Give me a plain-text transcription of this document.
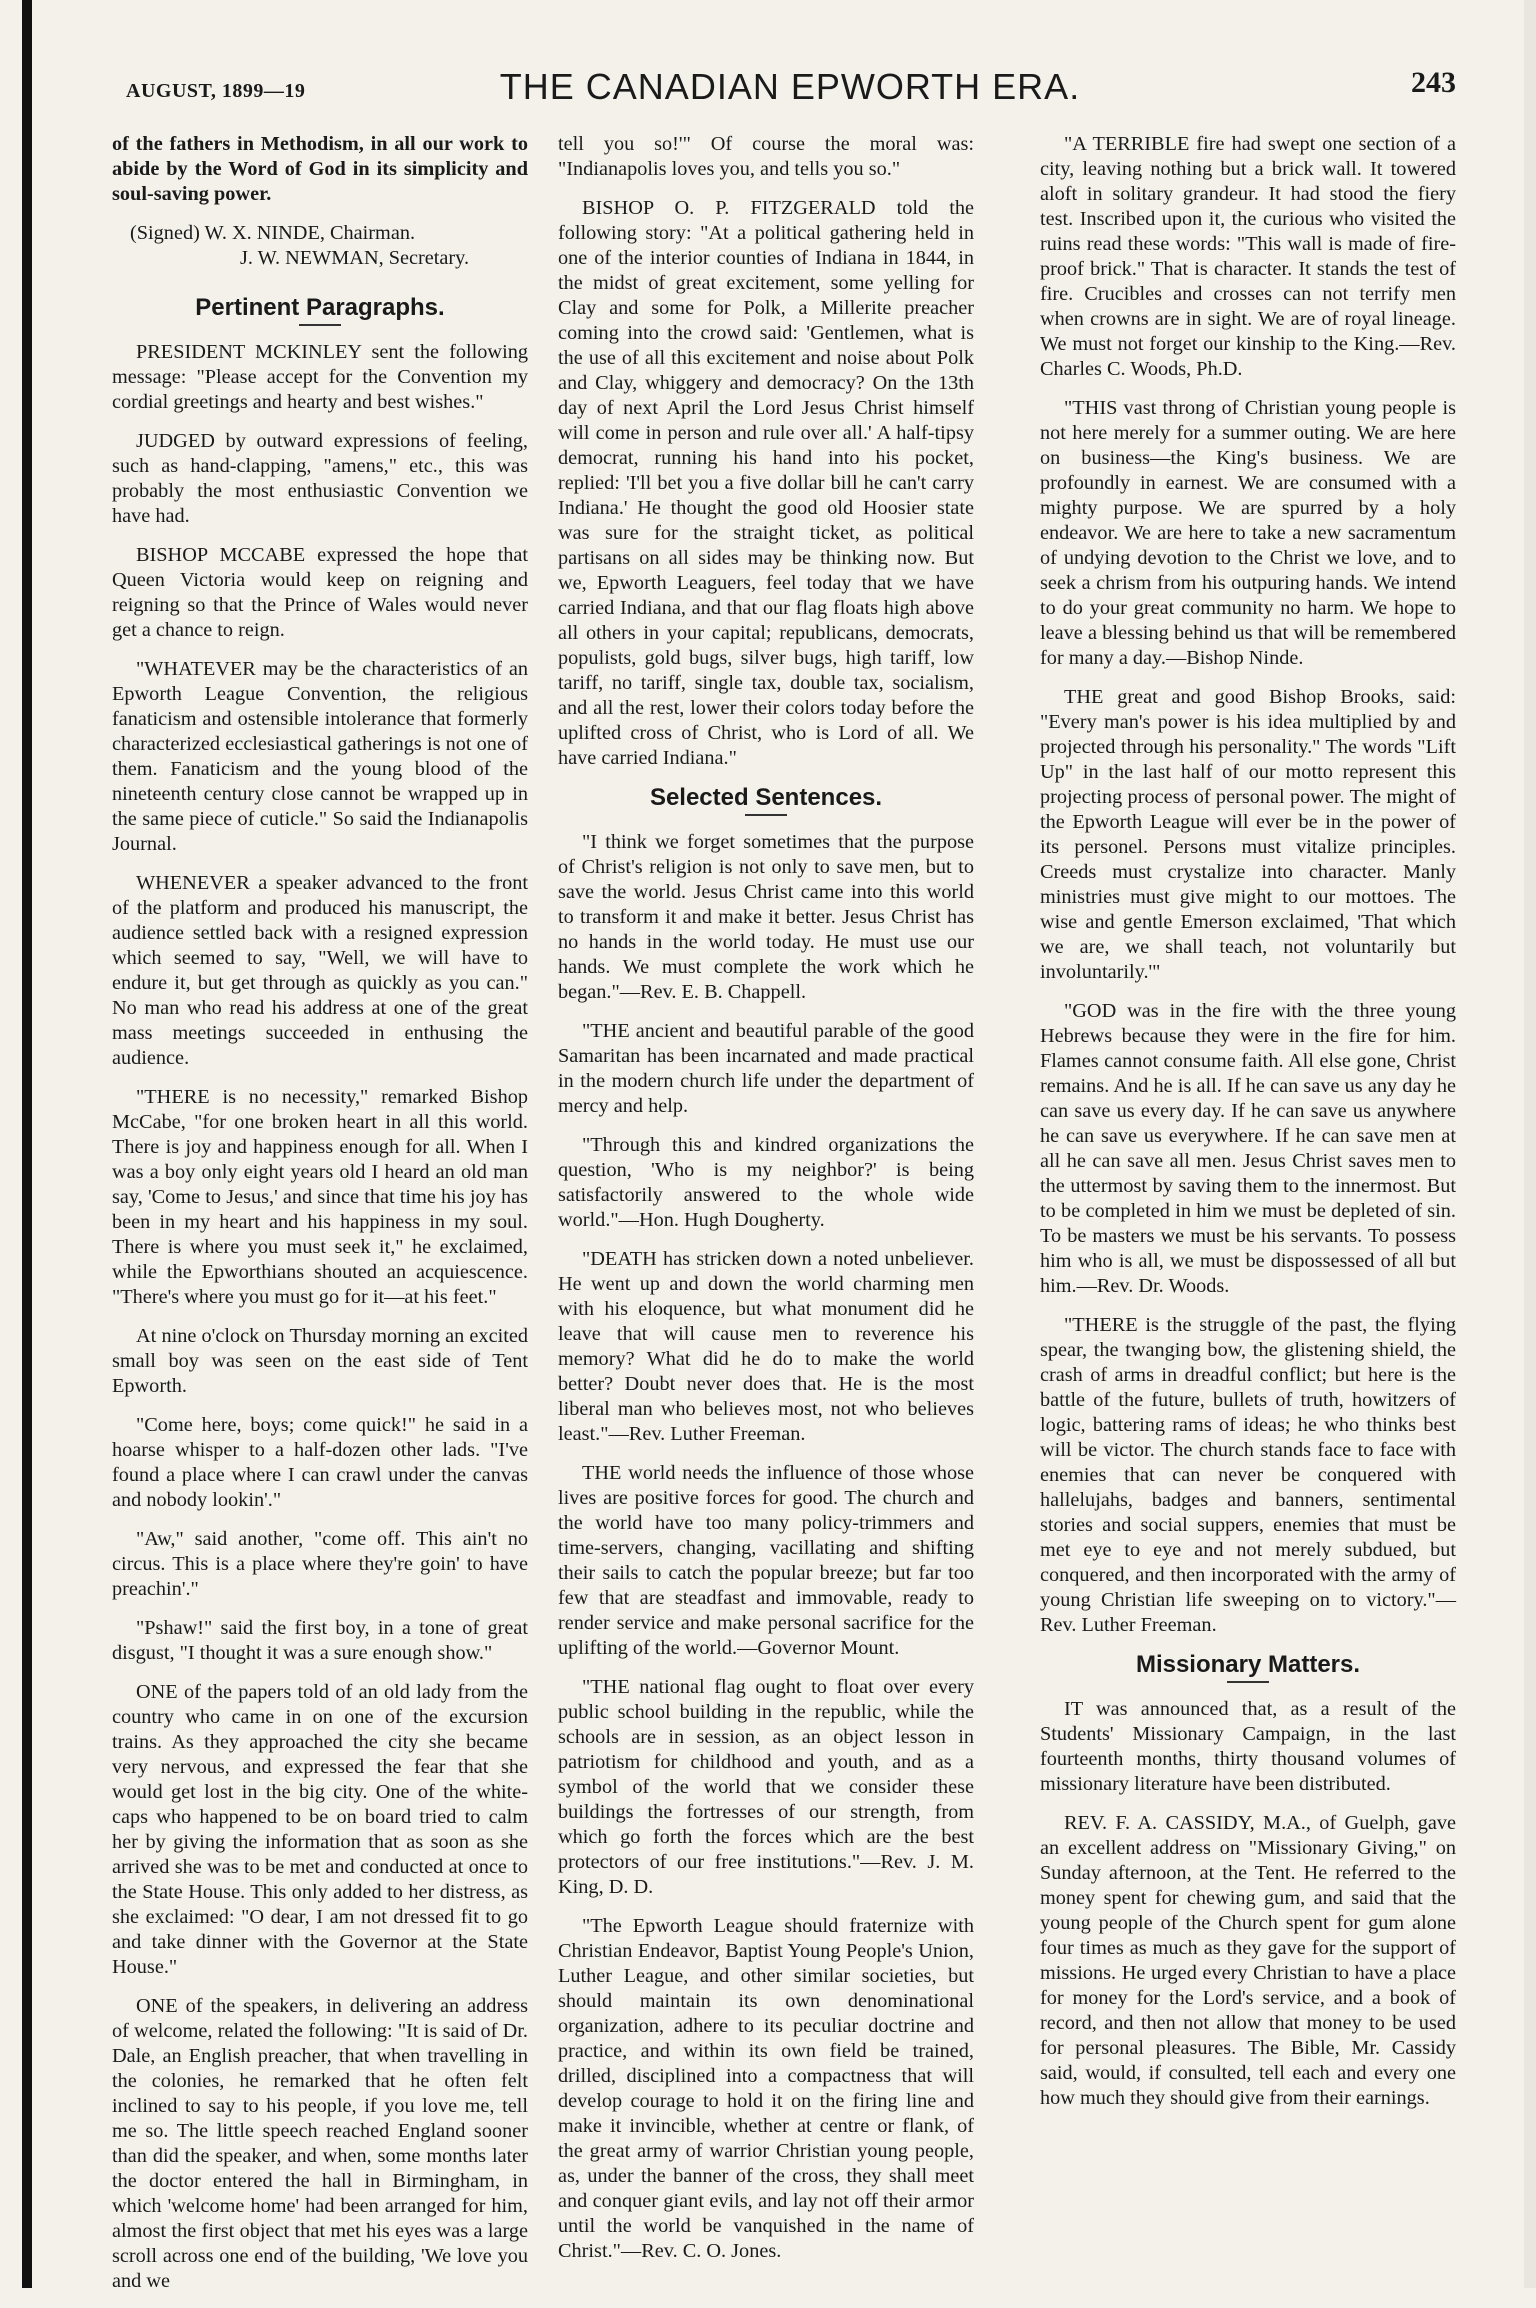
AUGUST, 1899—19	THE CANADIAN EPWORTH ERA.	243

of the fathers in Methodism, in all our work to abide by the Word of God in its simplicity and soul-saving power.

(Signed) W. X. NINDE, Chairman.

J. W. NEWMAN, Secretary.

Pertinent Paragraphs.

PRESIDENT MCKINLEY sent the following message: "Please accept for the Convention my cordial greetings and hearty and best wishes."

JUDGED by outward expressions of feeling, such as hand-clapping, "amens," etc., this was probably the most enthusiastic Convention we have had.

BISHOP MCCABE expressed the hope that Queen Victoria would keep on reigning and reigning so that the Prince of Wales would never get a chance to reign.

"WHATEVER may be the characteristics of an Epworth League Convention, the religious fanaticism and ostensible intolerance that formerly characterized ecclesiastical gatherings is not one of them. Fanaticism and the young blood of the nineteenth century close cannot be wrapped up in the same piece of cuticle." So said the Indianapolis Journal.

WHENEVER a speaker advanced to the front of the platform and produced his manuscript, the audience settled back with a resigned expression which seemed to say, "Well, we will have to endure it, but get through as quickly as you can." No man who read his address at one of the great mass meetings succeeded in enthusing the audience.

"THERE is no necessity," remarked Bishop McCabe, "for one broken heart in all this world. There is joy and happiness enough for all. When I was a boy only eight years old I heard an old man say, 'Come to Jesus,' and since that time his joy has been in my heart and his happiness in my soul. There is where you must seek it," he exclaimed, while the Epworthians shouted an acquiescence. "There's where you must go for it—at his feet."

At nine o'clock on Thursday morning an excited small boy was seen on the east side of Tent Epworth.

"Come here, boys; come quick!" he said in a hoarse whisper to a half-dozen other lads. "I've found a place where I can crawl under the canvas and nobody lookin'."

"Aw," said another, "come off. This ain't no circus. This is a place where they're goin' to have preachin'."

"Pshaw!" said the first boy, in a tone of great disgust, "I thought it was a sure enough show."

ONE of the papers told of an old lady from the country who came in on one of the excursion trains. As they approached the city she became very nervous, and expressed the fear that she would get lost in the big city. One of the white-caps who happened to be on board tried to calm her by giving the information that as soon as she arrived she was to be met and conducted at once to the State House. This only added to her distress, as she exclaimed: "O dear, I am not dressed fit to go and take dinner with the Governor at the State House."

ONE of the speakers, in delivering an address of welcome, related the following: "It is said of Dr. Dale, an English preacher, that when travelling in the colonies, he remarked that he often felt inclined to say to his people, if you love me, tell me so. The little speech reached England sooner than did the speaker, and when, some months later the doctor entered the hall in Birmingham, in which 'welcome home' had been arranged for him, almost the first object that met his eyes was a large scroll across one end of the building, 'We love you and we

tell you so!'" Of course the moral was: "Indianapolis loves you, and tells you so."

BISHOP O. P. FITZGERALD told the following story: "At a political gathering held in one of the interior counties of Indiana in 1844, in the midst of great excitement, some yelling for Clay and some for Polk, a Millerite preacher coming into the crowd said: 'Gentlemen, what is the use of all this excitement and noise about Polk and Clay, whiggery and democracy? On the 13th day of next April the Lord Jesus Christ himself will come in person and rule over all.' A half-tipsy democrat, running his hand into his pocket, replied: 'I'll bet you a five dollar bill he can't carry Indiana.' He thought the good old Hoosier state was sure for the straight ticket, as political partisans on all sides may be thinking now. But we, Epworth Leaguers, feel today that we have carried Indiana, and that our flag floats high above all others in your capital; republicans, democrats, populists, gold bugs, silver bugs, high tariff, low tariff, no tariff, single tax, double tax, socialism, and all the rest, lower their colors today before the uplifted cross of Christ, who is Lord of all. We have carried Indiana."

Selected Sentences.

"I think we forget sometimes that the purpose of Christ's religion is not only to save men, but to save the world. Jesus Christ came into this world to transform it and make it better. Jesus Christ has no hands in the world today. He must use our hands. We must complete the work which he began."—Rev. E. B. Chappell.

"THE ancient and beautiful parable of the good Samaritan has been incarnated and made practical in the modern church life under the department of mercy and help.

"Through this and kindred organizations the question, 'Who is my neighbor?' is being satisfactorily answered to the whole wide world."—Hon. Hugh Dougherty.

"DEATH has stricken down a noted unbeliever. He went up and down the world charming men with his eloquence, but what monument did he leave that will cause men to reverence his memory? What did he do to make the world better? Doubt never does that. He is the most liberal man who believes most, not who believes least."—Rev. Luther Freeman.

THE world needs the influence of those whose lives are positive forces for good. The church and the world have too many policy-trimmers and time-servers, changing, vacillating and shifting their sails to catch the popular breeze; but far too few that are steadfast and immovable, ready to render service and make personal sacrifice for the uplifting of the world.—Governor Mount.

"THE national flag ought to float over every public school building in the republic, while the schools are in session, as an object lesson in patriotism for childhood and youth, and as a symbol of the world that we consider these buildings the fortresses of our strength, from which go forth the forces which are the best protectors of our free institutions."—Rev. J. M. King, D. D.

"The Epworth League should fraternize with Christian Endeavor, Baptist Young People's Union, Luther League, and other similar societies, but should maintain its own denominational organization, adhere to its peculiar doctrine and practice, and within its own field be trained, drilled, disciplined into a compactness that will develop courage to hold it on the firing line and make it invincible, whether at centre or flank, of the great army of warrior Christian young people, as, under the banner of the cross, they shall meet and conquer giant evils, and lay not off their armor until the world be vanquished in the name of Christ."—Rev. C. O. Jones.

"A TERRIBLE fire had swept one section of a city, leaving nothing but a brick wall. It towered aloft in solitary grandeur. It had stood the fiery test. Inscribed upon it, the curious who visited the ruins read these words: "This wall is made of fire-proof brick." That is character. It stands the test of fire. Crucibles and crosses can not terrify men when crowns are in sight. We are of royal lineage. We must not forget our kinship to the King.—Rev. Charles C. Woods, Ph.D.

"THIS vast throng of Christian young people is not here merely for a summer outing. We are here on business—the King's business. We are profoundly in earnest. We are consumed with a mighty purpose. We are spurred by a holy endeavor. We are here to take a new sacramentum of undying devotion to the Christ we love, and to seek a chrism from his outpuring hands. We intend to do your great community no harm. We hope to leave a blessing behind us that will be remembered for many a day.—Bishop Ninde.

THE great and good Bishop Brooks, said: "Every man's power is his idea multiplied by and projected through his personality." The words "Lift Up" in the last half of our motto represent this projecting process of personal power. The might of the Epworth League will ever be in the power of its personel. Persons must vitalize principles. Creeds must crystalize into character. Manly ministries must give might to our mottoes. The wise and gentle Emerson exclaimed, 'That which we are, we shall teach, not voluntarily but involuntarily.'"

"GOD was in the fire with the three young Hebrews because they were in the fire for him. Flames cannot consume faith. All else gone, Christ remains. And he is all. If he can save us any day he can save us every day. If he can save us anywhere he can save us everywhere. If he can save men at all he can save all men. Jesus Christ saves men to the uttermost by saving them to the innermost. But to be completed in him we must be depleted of sin. To be masters we must be his servants. To possess him who is all, we must be dispossessed of all but him.—Rev. Dr. Woods.

"THERE is the struggle of the past, the flying spear, the twanging bow, the glistening shield, the crash of arms in dreadful conflict; but here is the battle of the future, bullets of truth, howitzers of logic, battering rams of ideas; he who thinks best will be victor. The church stands face to face with enemies that can never be conquered with hallelujahs, badges and banners, sentimental stories and social suppers, enemies that must be met eye to eye and not merely subdued, but conquered, and then incorporated with the army of young Christian life sweeping on to victory."—Rev. Luther Freeman.

Missionary Matters.

IT was announced that, as a result of the Students' Missionary Campaign, in the last fourteenth months, thirty thousand volumes of missionary literature have been distributed.

REV. F. A. CASSIDY, M.A., of Guelph, gave an excellent address on "Missionary Giving," on Sunday afternoon, at the Tent. He referred to the money spent for chewing gum, and said that the young people of the Church spent for gum alone four times as much as they gave for the support of missions. He urged every Christian to have a place for money for the Lord's service, and a book of record, and then not allow that money to be used for personal pleasures. The Bible, Mr. Cassidy said, would, if consulted, tell each and every one how much they should give from their earnings.
